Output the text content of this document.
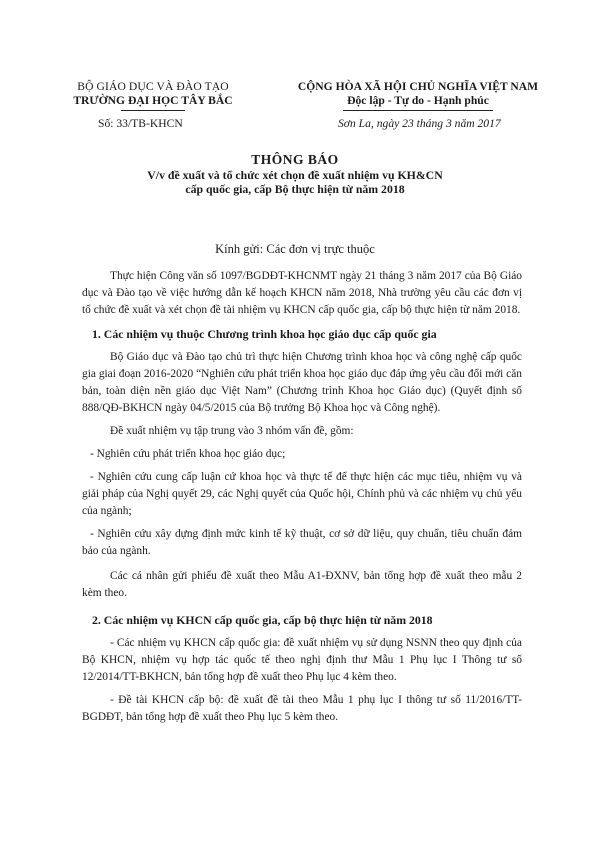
BỘ GIÁO DỤC VÀ ĐÀO TẠO
TRƯỜNG ĐẠI HỌC TÂY BẮC
CỘNG HÒA XÃ HỘI CHỦ NGHĨA VIỆT NAM
Độc lập - Tự do - Hạnh phúc
Số: 33/TB-KHCN	Sơn La, ngày 23 tháng 3 năm 2017
THÔNG BÁO
V/v đề xuất và tổ chức xét chọn đề xuất nhiệm vụ KH&CN
cấp quốc gia, cấp Bộ thực hiện từ năm 2018
Kính gửi: Các đơn vị trực thuộc

Thực hiện Công văn số 1097/BGDĐT-KHCNMT ngày 21 tháng 3 năm 2017 của Bộ Giáo dục và Đào tạo về việc hướng dẫn kế hoạch KHCN năm 2018, Nhà trường yêu cầu các đơn vị tổ chức đề xuất và xét chọn đề tài nhiệm vụ KHCN cấp quốc gia, cấp bộ thực hiện từ năm 2018.

1. Các nhiệm vụ thuộc Chương trình khoa học giáo dục cấp quốc gia

Bộ Giáo dục và Đào tạo chủ trì thực hiện Chương trình khoa học và công nghệ cấp quốc gia giai đoạn 2016-2020 “Nghiên cứu phát triển khoa học giáo dục đáp ứng yêu cầu đổi mới căn bản, toàn diện nền giáo dục Việt Nam” (Chương trình Khoa học Giáo dục) (Quyết định số 888/QĐ-BKHCN ngày 04/5/2015 của Bộ trưởng Bộ Khoa học và Công nghệ).

Đề xuất nhiệm vụ tập trung vào 3 nhóm vấn đề, gồm:

- Nghiên cứu phát triển khoa học giáo dục;

- Nghiên cứu cung cấp luận cứ khoa học và thực tế để thực hiện các mục tiêu, nhiệm vụ và giải pháp của Nghị quyết 29, các Nghị quyết của Quốc hội, Chính phủ và các nhiệm vụ chủ yếu của ngành;

- Nghiên cứu xây dựng định mức kinh tế kỹ thuật, cơ sở dữ liệu, quy chuẩn, tiêu chuẩn đảm bảo của ngành.

Các cá nhân gửi phiếu đề xuất theo Mẫu A1-ĐXNV, bản tổng hợp đề xuất theo mẫu 2 kèm theo.

2. Các nhiệm vụ KHCN cấp quốc gia, cấp bộ thực hiện từ năm 2018

- Các nhiệm vụ KHCN cấp quốc gia: đề xuất nhiệm vụ sử dụng NSNN theo quy định của Bộ KHCN, nhiệm vụ hợp tác quốc tế theo nghị định thư Mẫu 1 Phụ lục I Thông tư số 12/2014/TT-BKHCN, bản tổng hợp đề xuất theo Phụ lục 4 kèm theo.

- Đề tài KHCN cấp bộ: đề xuất đề tài theo Mẫu 1 phụ lục I thông tư số 11/2016/TT-BGDĐT, bản tổng hợp đề xuất theo Phụ lục 5 kèm theo.
